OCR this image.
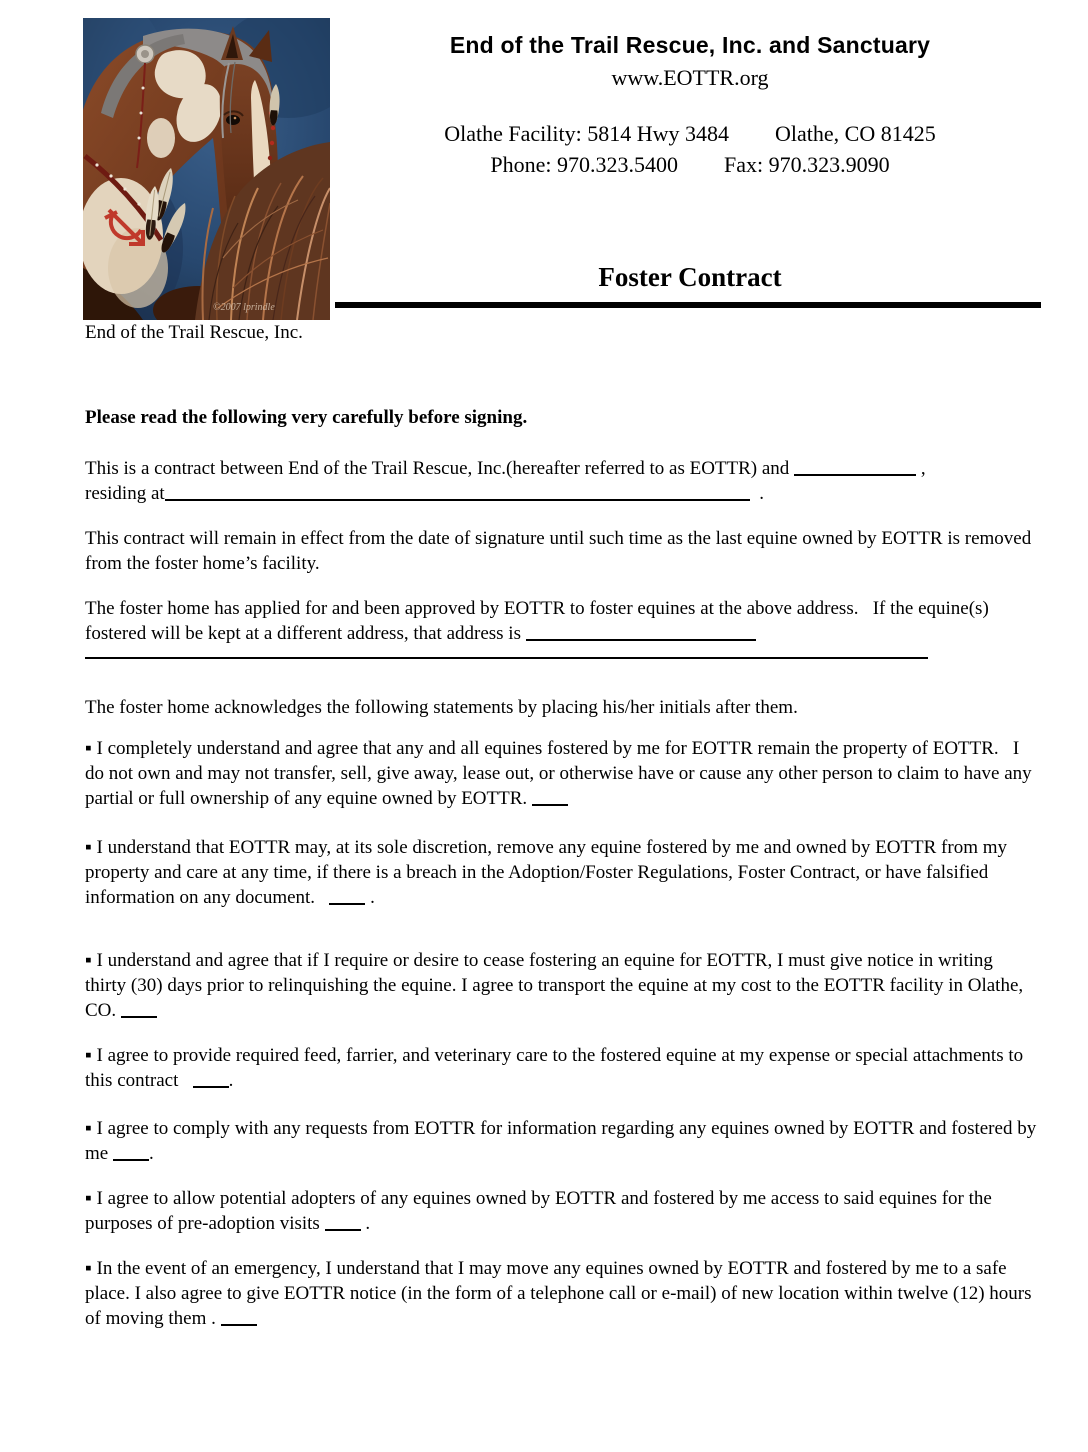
©2007 lprindle
End of the Trail Rescue, Inc. and Sanctuary
www.EOTTR.org
Olathe Facility: 5814 Hwy 3484 Olathe, CO 81425
Phone: 970.323.5400 Fax: 970.323.9090
Foster Contract

End of the Trail Rescue, Inc.

Please read the following very carefully before signing.

This is a contract between End of the Trail Rescue, Inc.(hereafter referred to as EOTTR) and	,
residing at	.

This contract will remain in effect from the date of signature until such time as the last equine owned by EOTTR is removed from the foster home’s facility.

The foster home has applied for and been approved by EOTTR to foster equines at the above address.   If the equine(s) fostered will be kept at a different address, that address is

The foster home acknowledges the following statements by placing his/her initials after them.

▪ I completely understand and agree that any and all equines fostered by me for EOTTR remain the property of EOTTR.   I do not own and may not transfer, sell, give away, lease out, or otherwise have or cause any other person to claim to have any partial or full ownership of any equine owned by EOTTR.

▪ I understand that EOTTR may, at its sole discretion, remove any equine fostered by me and owned by EOTTR from my property and care at any time, if there is a breach in the Adoption/Foster Regulations, Foster Contract, or have falsified information on any document.    .

▪ I understand and agree that if I require or desire to cease fostering an equine for EOTTR, I must give notice in writing thirty (30) days prior to relinquishing the equine. I agree to transport the equine at my cost to the EOTTR facility in Olathe, CO.

▪ I agree to provide required feed, farrier, and veterinary care to the fostered equine at my expense or special attachments to this contract   .

▪ I agree to comply with any requests from EOTTR for information regarding any equines owned by EOTTR and fostered by me .

▪ I agree to allow potential adopters of any equines owned by EOTTR and fostered by me access to said equines for the purposes of pre-adoption visits  .

▪ In the event of an emergency, I understand that I may move any equines owned by EOTTR and fostered by me to a safe place. I also agree to give EOTTR notice (in the form of a telephone call or e-mail) of new location within twelve (12) hours of moving them .
